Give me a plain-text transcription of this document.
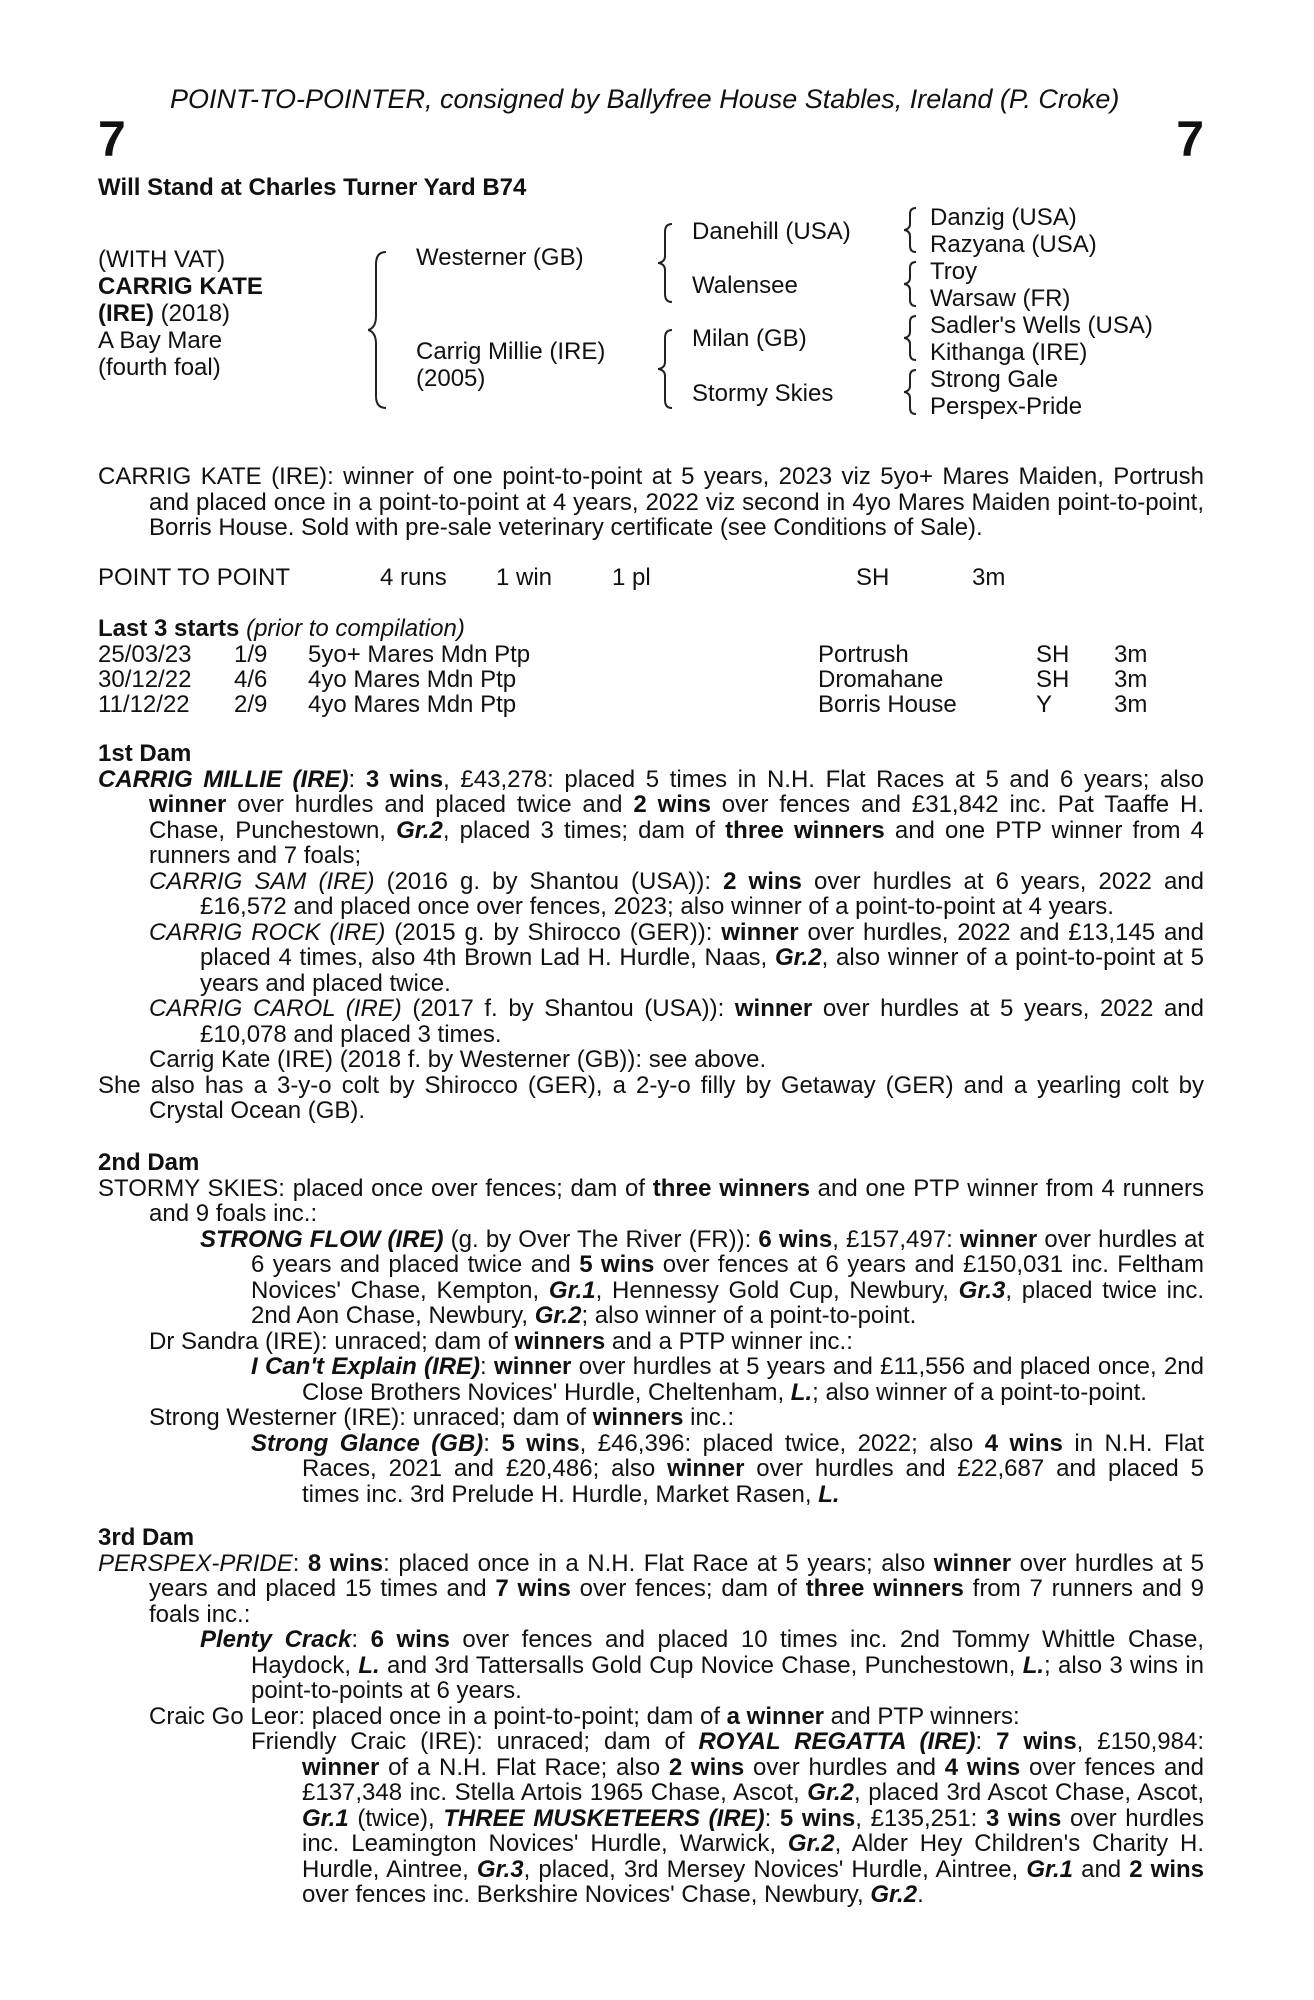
POINT-TO-POINTER, consigned by Ballyfree House Stables, Ireland (P. Croke)
7	7
Will Stand at Charles Turner Yard B74
(WITH VAT)
CARRIG KATE
(IRE) (2018)
A Bay Mare
(fourth foal)
Westerner (GB)
Carrig Millie (IRE)
(2005)
Danehill (USA)
Walensee
Milan (GB)
Stormy Skies
Danzig (USA)
Razyana (USA)
Troy
Warsaw (FR)
Sadler's Wells (USA)
Kithanga (IRE)
Strong Gale
Perspex-Pride

CARRIG KATE (IRE): winner of one point-to-point at 5 years, 2023 viz 5yo+ Mares Maiden, Portrush and placed once in a point-to-point at 4 years, 2022 viz second in 4yo Mares Maiden point-to-point, Borris House. Sold with pre-sale veterinary certificate (see Conditions of Sale).

POINT TO POINT	4 runs 1 win 1 pl	SH	3m
Last 3 starts (prior to compilation)
25/03/23 1/9 5yo+ Mares Mdn Ptp	Portrush	SH 3m
30/12/22 4/6 4yo Mares Mdn Ptp	Dromahane	SH 3m
11/12/22 2/9 4yo Mares Mdn Ptp	Borris House	Y	3m

1st Dam

CARRIG MILLIE (IRE): 3 wins, £43,278: placed 5 times in N.H. Flat Races at 5 and 6 years; also winner over hurdles and placed twice and 2 wins over fences and £31,842 inc. Pat Taaffe H. Chase, Punchestown, Gr.2, placed 3 times; dam of three winners and one PTP winner from 4 runners and 7 foals;

CARRIG SAM (IRE) (2016 g. by Shantou (USA)): 2 wins over hurdles at 6 years, 2022 and £16,572 and placed once over fences, 2023; also winner of a point-to-point at 4 years.

CARRIG ROCK (IRE) (2015 g. by Shirocco (GER)): winner over hurdles, 2022 and £13,145 and placed 4 times, also 4th Brown Lad H. Hurdle, Naas, Gr.2, also winner of a point-to-point at 5 years and placed twice.

CARRIG CAROL (IRE) (2017 f. by Shantou (USA)): winner over hurdles at 5 years, 2022 and £10,078 and placed 3 times.

Carrig Kate (IRE) (2018 f. by Westerner (GB)): see above.

She also has a 3-y-o colt by Shirocco (GER), a 2-y-o filly by Getaway (GER) and a yearling colt by Crystal Ocean (GB).

2nd Dam

STORMY SKIES: placed once over fences; dam of three winners and one PTP winner from 4 runners and 9 foals inc.:

STRONG FLOW (IRE) (g. by Over The River (FR)): 6 wins, £157,497: winner over hurdles at 6 years and placed twice and 5 wins over fences at 6 years and £150,031 inc. Feltham Novices' Chase, Kempton, Gr.1, Hennessy Gold Cup, Newbury, Gr.3, placed twice inc. 2nd Aon Chase, Newbury, Gr.2; also winner of a point-to-point.

Dr Sandra (IRE): unraced; dam of winners and a PTP winner inc.:

I Can't Explain (IRE): winner over hurdles at 5 years and £11,556 and placed once, 2nd Close Brothers Novices' Hurdle, Cheltenham, L.; also winner of a point-to-point.

Strong Westerner (IRE): unraced; dam of winners inc.:

Strong Glance (GB): 5 wins, £46,396: placed twice, 2022; also 4 wins in N.H. Flat Races, 2021 and £20,486; also winner over hurdles and £22,687 and placed 5 times inc. 3rd Prelude H. Hurdle, Market Rasen, L.

3rd Dam

PERSPEX-PRIDE: 8 wins: placed once in a N.H. Flat Race at 5 years; also winner over hurdles at 5 years and placed 15 times and 7 wins over fences; dam of three winners from 7 runners and 9 foals inc.:

Plenty Crack: 6 wins over fences and placed 10 times inc. 2nd Tommy Whittle Chase, Haydock, L. and 3rd Tattersalls Gold Cup Novice Chase, Punchestown, L.; also 3 wins in point-to-points at 6 years.

Craic Go Leor: placed once in a point-to-point; dam of a winner and PTP winners:

Friendly Craic (IRE): unraced; dam of ROYAL REGATTA (IRE): 7 wins, £150,984: winner of a N.H. Flat Race; also 2 wins over hurdles and 4 wins over fences and £137,348 inc. Stella Artois 1965 Chase, Ascot, Gr.2, placed 3rd Ascot Chase, Ascot, Gr.1 (twice), THREE MUSKETEERS (IRE): 5 wins, £135,251: 3 wins over hurdles inc. Leamington Novices' Hurdle, Warwick, Gr.2, Alder Hey Children's Charity H. Hurdle, Aintree, Gr.3, placed, 3rd Mersey Novices' Hurdle, Aintree, Gr.1 and 2 wins over fences inc. Berkshire Novices' Chase, Newbury, Gr.2.
